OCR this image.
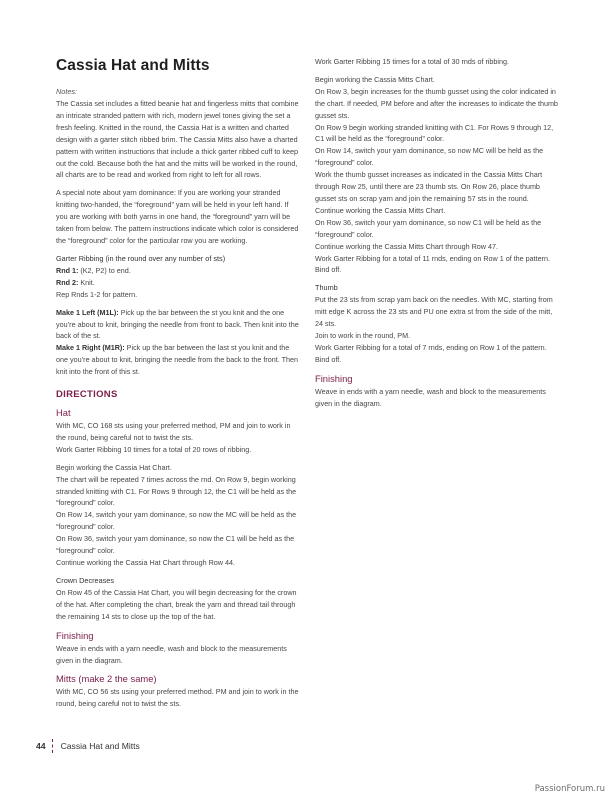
Cassia Hat and Mitts

Notes:

The Cassia set includes a fitted beanie hat and fingerless mitts that combine an intricate stranded pattern with rich, modern jewel tones giving the set a fresh feeling. Knitted in the round, the Cassia Hat is a written and charted design with a garter stitch ribbed brim. The Cassia Mitts also have a charted pattern with written instructions that include a thick garter ribbed cuff to keep out the cold. Because both the hat and the mitts will be worked in the round, all charts are to be read and worked from right to left for all rows.

A special note about yarn dominance: If you are working your stranded knitting two-handed, the “foreground” yarn will be held in your left hand. If you are working with both yarns in one hand, the “foreground” yarn will be taken from below. The pattern instructions indicate which color is considered the “foreground” color for the particular row you are working.

Garter Ribbing (in the round over any number of sts)

Rnd 1: (K2, P2) to end.

Rnd 2: Knit.

Rep Rnds 1-2 for pattern.

Make 1 Left (M1L): Pick up the bar between the st you knit and the one you’re about to knit, bringing the needle from front to back. Then knit into the back of the st.

Make 1 Right (M1R): Pick up the bar between the last st you knit and the one you’re about to knit, bringing the needle from the back to the front. Then knit into the front of this st.

DIRECTIONS
Hat

With MC, CO 168 sts using your preferred method, PM and join to work in the round, being careful not to twist the sts.

Work Garter Ribbing 10 times for a total of 20 rows of ribbing.

Begin working the Cassia Hat Chart.

The chart will be repeated 7 times across the rnd. On Row 9, begin working stranded knitting with C1. For Rows 9 through 12, the C1 will be held as the “foreground” color.

On Row 14, switch your yarn dominance, so now the MC will be held as the “foreground” color.

On Row 36, switch your yarn dominance, so now the C1 will be held as the “foreground” color.

Continue working the Cassia Hat Chart through Row 44.

Crown Decreases

On Row 45 of the Cassia Hat Chart, you will begin decreasing for the crown of the hat. After completing the chart, break the yarn and thread tail through the remaining 14 sts to close up the top of the hat.

Finishing

Weave in ends with a yarn needle, wash and block to the measurements given in the diagram.

Mitts (make 2 the same)

With MC, CO 56 sts using your preferred method. PM and join to work in the round, being careful not to twist the sts.

Work Garter Ribbing 15 times for a total of 30 rnds of ribbing.

Begin working the Cassia Mitts Chart.

On Row 3, begin increases for the thumb gusset using the color indicated in the chart. If needed, PM before and after the increases to indicate the thumb gusset sts.

On Row 9 begin working stranded knitting with C1. For Rows 9 through 12, C1 will be held as the “foreground” color.

On Row 14, switch your yarn dominance, so now MC will be held as the “foreground” color.

Work the thumb gusset increases as indicated in the Cassia Mitts Chart through Row 25, until there are 23 thumb sts. On Row 26, place thumb gusset sts on scrap yarn and join the remaining 57 sts in the round. Continue working the Cassia Mitts Chart.

On Row 36, switch your yarn dominance, so now C1 will be held as the “foreground” color.

Continue working the Cassia Mitts Chart through Row 47.

Work Garter Ribbing for a total of 11 rnds, ending on Row 1 of the pattern.

Bind off.

Thumb

Put the 23 sts from scrap yarn back on the needles. With MC, starting from mitt edge K across the 23 sts and PU one extra st from the side of the mitt, 24 sts.

Join to work in the round, PM.

Work Garter Ribbing for a total of 7 rnds, ending on Row 1 of the pattern.

Bind off.

Finishing

Weave in ends with a yarn needle, wash and block to the measurements given in the diagram.

44 Cassia Hat and Mitts
PassionForum.ru
